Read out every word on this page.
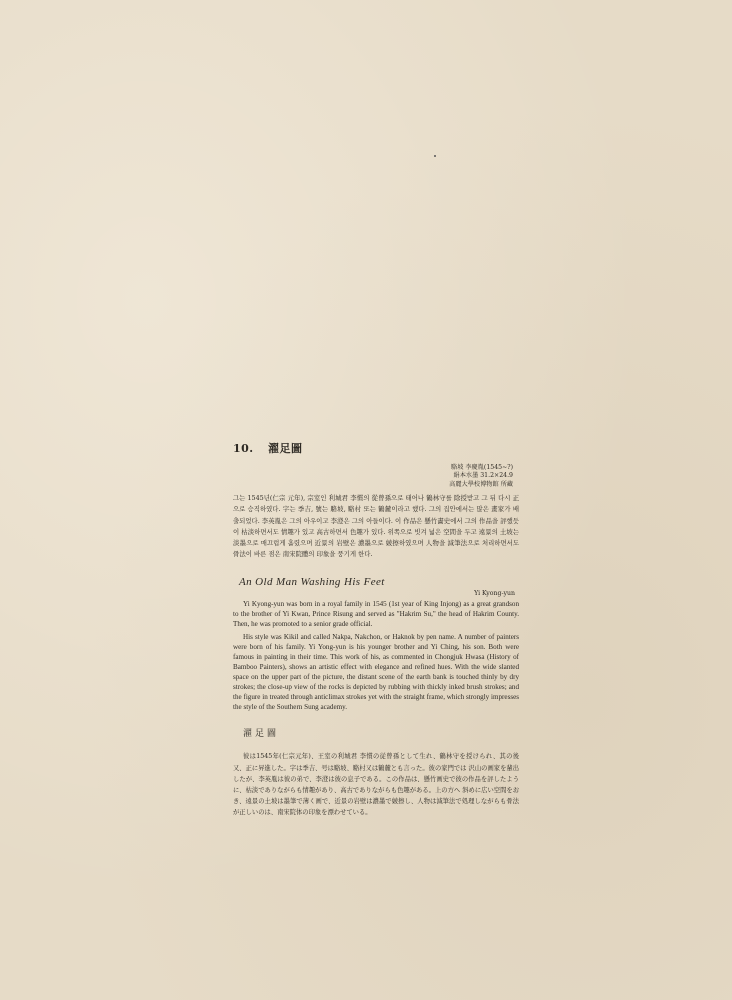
10. 濯足圖
駱坡 李慶胤(1545~?)
絹本水墨 31.2×24.9
高麗大學校博物館 所藏
그는 1545년(仁宗 元年), 宗室인 利城君 李慣의 從曾孫으로 태어나 鶴林守를 除授받고 그 뒤 다시 正으로 승직하였다. 字는 季吉, 號는 駱坡, 駱村 또는 鶴麓이라고 했다. 그의 집안에서는 많은 畫家가 배출되었다. 李英胤은 그의 아우이고 李澄은 그의 아들이다. 이 作品은 懸竹畵史에서 그의 作品을 評했듯이 枯淡하면서도 情趣가 있고 高古하면서 色趣가 있다. 위쪽으로 빗겨 넓은 空間을 두고 遠景의 土坡는 淡墨으로 매끄럽게 흘렸으며 近景의 岩壁은 濃墨으로 皴擦하였으며 人物을 減筆法으로 처리하면서도 骨法이 바른 점은 南宋院體의 印象을 풍기게 한다.
An Old Man Washing His Feet
Yi Kyong-yun

Yi Kyong-yun was born in a royal family in 1545 (1st year of King Injong) as a great grandson to the brother of Yi Kwan, Prince Risung and served as "Hakrim Su," the head of Hakrim County. Then, he was promoted to a senior grade official.

His style was Kikil and called Nakpa, Nakchon, or Haknok by pen name. A number of painters were born of his family. Yi Yong-yun is his younger brother and Yi Ching, his son. Both were famous in painting in their time. This work of his, as commented in Chongjuk Hwasa (History of Bamboo Painters), shows an artistic effect with elegance and refined hues. With the wide slanted space on the upper part of the picture, the distant scene of the earth bank is touched thinly by dry strokes; the close-up view of the rocks is depicted by rubbing with thickly inked brush strokes; and the figure in treated through anticlimax strokes yet with the straight frame, which strongly impresses the style of the Southern Sung academy.

濯足圖
彼は1545年(仁宗元年)、王室の利城君 李慣の従曾孫として生れ、鶴林守を授けられ、其の後 又、正に昇進した。字は季吉、号は駱坡、駱村又は鶴麓とも言った。彼の家門では 沢山の画家を輩出したが、李英胤は彼の弟で、李澄は彼の息子である。この作品は、懸竹画史で彼の作品を評したように、枯淡でありながらも情趣があり、高古でありながらも色趣がある。上の方へ 斜めに広い空間をおき、遠景の土坡は墨筆で薄く画で、近景の岩壁は濃墨で皴擦し、人物は減筆法で処理しながらも骨法が正しいのは、南宋院体の印象を漂わせている。
